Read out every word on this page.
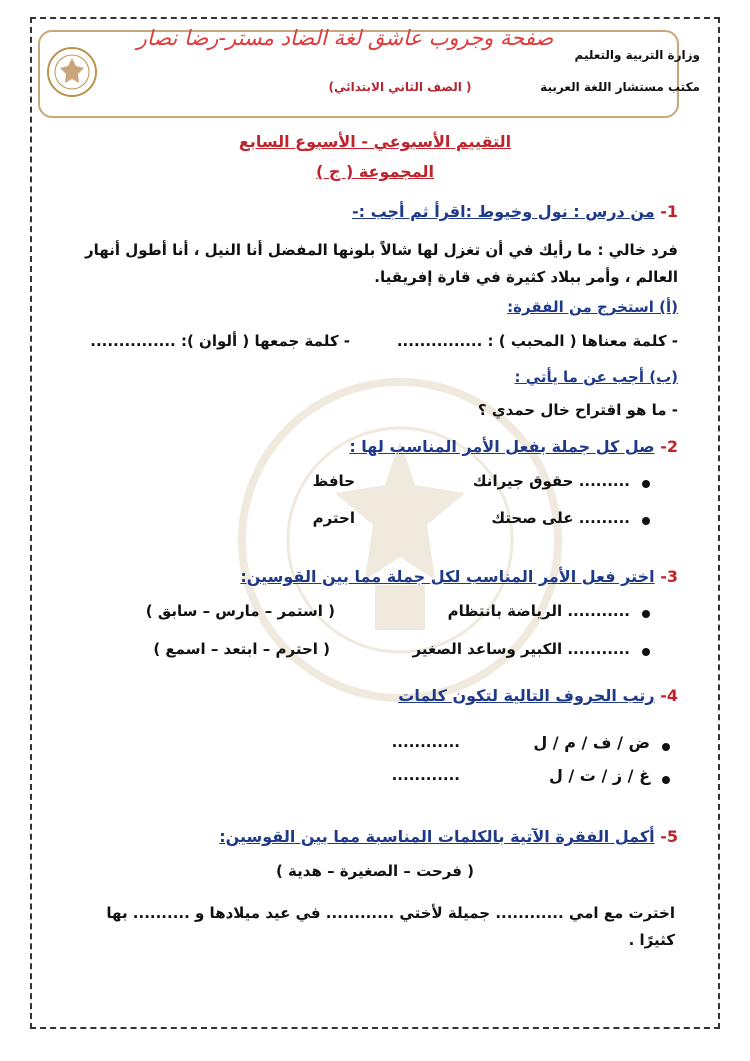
صفحة وجروب عاشق لغة الضاد مستر-رضا نصار
وزارة التربية والتعليم
مكتب مستشار اللغة العربية
( الصف الثاني الابتدائي)
التقييم الأسبوعي - الأسبوع السابع
المجموعة ( ج )
1- من درس : نول وخيوط :اقرأ ثم أجب :-
فرد خالي : ما رأيك في أن تغزل لها شالاً بلونها المفضل أنا النيل ، أنا أطول أنهار العالم ، وأمر ببلاد كثيرة في قارة إفريقيا.
(أ) استخرج من الفقرة:
- كلمة معناها ( المحبب ) : ...............
- كلمة جمعها ( ألوان ): ...............
(ب) أجب عن ما يأتي :
- ما هو اقتراح خال حمدي ؟
2- صل كل جملة بفعل الأمر المناسب لها :
......... حقوق جيرانك
حافظ
......... على صحتك
احترم
3- اختر فعل الأمر المناسب لكل جملة مما بين القوسين:
........... الرياضة بانتظام
( استمر – مارس – سابق )
........... الكبير وساعد الصغير
( احترم – ابتعد – اسمع )
4- رتب الحروف التالية لتكون كلمات
ض / ف / م / ل
............
غ / ز / ت / ل
............
5- أكمل الفقرة الآتية بالكلمات المناسبة مما بين القوسين:
( فرحت – الصغيرة – هدية )
اخترت مع امي ............ جميلة لأختي ............ في عيد ميلادها و .......... بها كثيرًا .
